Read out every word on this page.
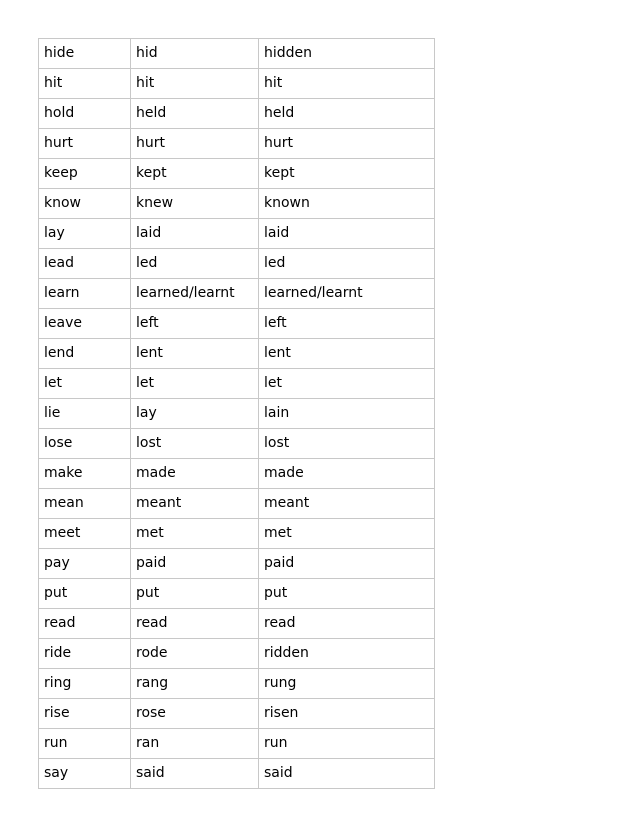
hide	hid	hidden
hit	hit	hit
hold	held	held
hurt	hurt	hurt
keep	kept	kept
know	knew	known
lay	laid	laid
lead	led	led
learn	learned/learnt	learned/learnt
leave	left	left
lend	lent	lent
let	let	let
lie	lay	lain
lose	lost	lost
make	made	made
mean	meant	meant
meet	met	met
pay	paid	paid
put	put	put
read	read	read
ride	rode	ridden
ring	rang	rung
rise	rose	risen
run	ran	run
say	said	said
